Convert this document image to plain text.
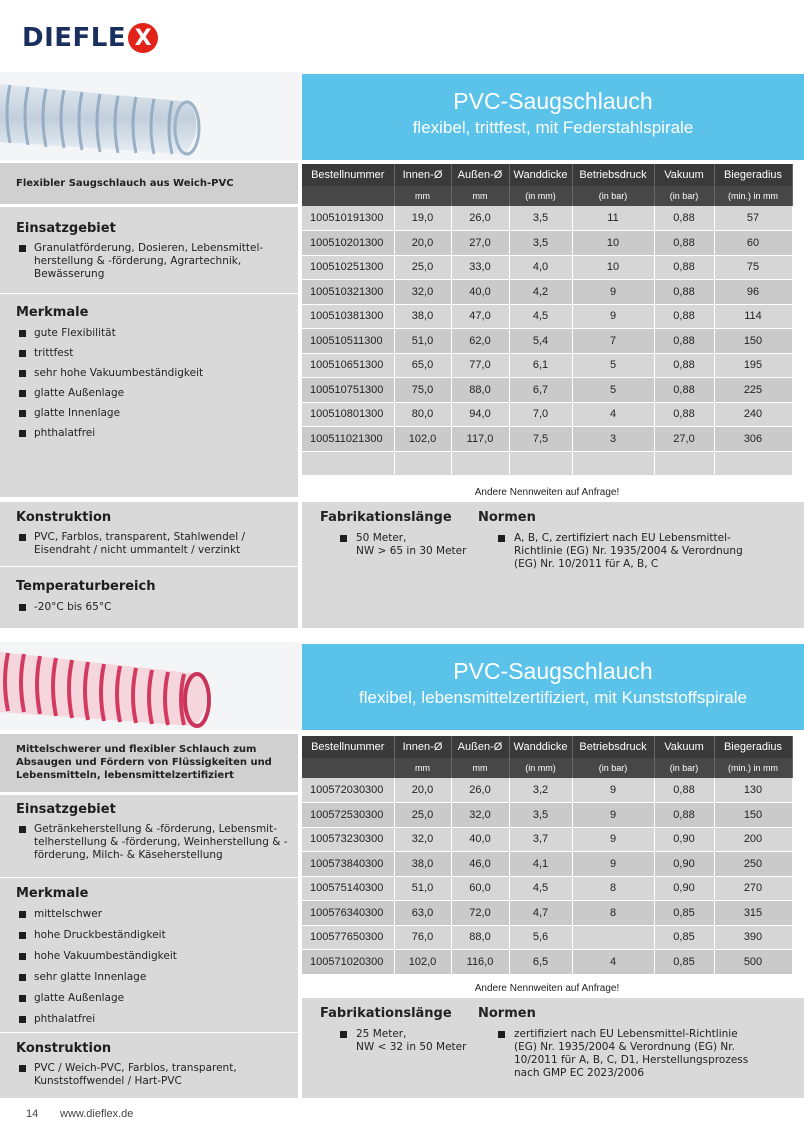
DIEFLE X
PVC-Saugschlauch
flexibel, trittfest, mit Federstahlspirale
Flexibler Saugschlauch aus Weich-PVC
Einsatzgebiet
Granulatförderung, Dosieren, Lebensmittel-herstellung & -förderung, Agrartechnik, Bewässerung
Merkmale
gute Flexibilität
trittfest
sehr hohe Vakuumbeständigkeit
glatte Außenlage
glatte Innenlage
phthalatfrei
Bestellnummer	Innen-Ø	Außen-Ø	Wanddicke	Betriebsdruck	Vakuum	Biegeradius
	mm	mm	(in mm)	(in bar)	(in bar)	(min.) in mm
100510191300	19,0	26,0	3,5	11	0,88	57
100510201300	20,0	27,0	3,5	10	0,88	60
100510251300	25,0	33,0	4,0	10	0,88	75
100510321300	32,0	40,0	4,2	9	0,88	96
100510381300	38,0	47,0	4,5	9	0,88	114
100510511300	51,0	62,0	5,4	7	0,88	150
100510651300	65,0	77,0	6,1	5	0,88	195
100510751300	75,0	88,0	6,7	5	0,88	225
100510801300	80,0	94,0	7,0	4	0,88	240
100511021300	102,0	117,0	7,5	3	27,0	306

Andere Nennweiten auf Anfrage!
Konstruktion
PVC, Farblos, transparent, Stahlwendel / Eisendraht / nicht ummantelt / verzinkt
Temperaturbereich
-20°C bis 65°C
Fabrikationslänge
50 Meter,
NW > 65 in 30 Meter
Normen
A, B, C, zertifiziert nach EU Lebensmittel-Richtlinie (EG) Nr. 1935/2004 & Verordnung (EG) Nr. 10/2011 für A, B, C
PVC-Saugschlauch
flexibel, lebensmittelzertifiziert, mit Kunststoffspirale
Mittelschwerer und flexibler Schlauch zum Absaugen und Fördern von Flüssigkeiten und Lebensmitteln, lebensmittelzertifiziert
Einsatzgebiet
Getränkeherstellung & -förderung, Lebensmit-telherstellung & -förderung, Weinherstellung & -förderung, Milch- & Käseherstellung
Merkmale
mittelschwer
hohe Druckbeständigkeit
hohe Vakuumbeständigkeit
sehr glatte Innenlage
glatte Außenlage
phthalatfrei
Konstruktion
PVC / Weich-PVC, Farblos, transparent, Kunststoffwendel / Hart-PVC
Bestellnummer	Innen-Ø	Außen-Ø	Wanddicke	Betriebsdruck	Vakuum	Biegeradius
	mm	mm	(in mm)	(in bar)	(in bar)	(min.) in mm
100572030300	20,0	26,0	3,2	9	0,88	130
100572530300	25,0	32,0	3,5	9	0,88	150
100573230300	32,0	40,0	3,7	9	0,90	200
100573840300	38,0	46,0	4,1	9	0,90	250
100575140300	51,0	60,0	4,5	8	0,90	270
100576340300	63,0	72,0	4,7	8	0,85	315
100577650300	76,0	88,0	5,6		0,85	390
100571020300	102,0	116,0	6,5	4	0,85	500
Andere Nennweiten auf Anfrage!
Fabrikationslänge
25 Meter,
NW < 32 in 50 Meter
Normen
zertifiziert nach EU Lebensmittel-Richtlinie (EG) Nr. 1935/2004 & Verordnung (EG) Nr. 10/2011 für A, B, C, D1, Herstellungsprozess nach GMP EC 2023/2006
14 www.dieflex.de
